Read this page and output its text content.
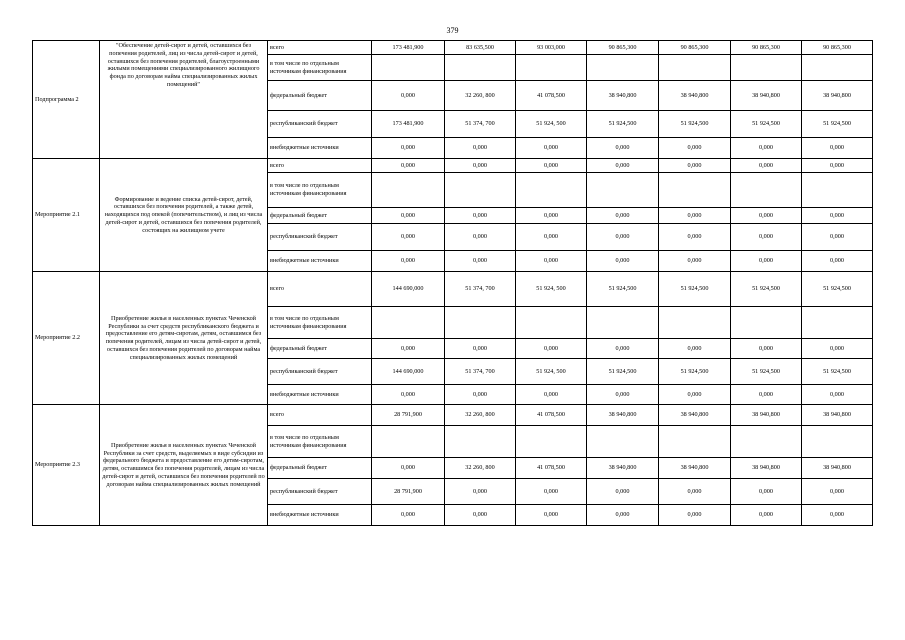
379
Подпрограмма 2	"Обеспечение детей-сирот и детей, оставшихся без попечения родителей, лиц из числа детей-сирот и детей, оставшихся без попечения родителей, благоустроенными жилыми помещениями специализированного жилищного фонда по договорам найма специализированных жилых помещений"	всего	173 481,900	83 635,500	93 003,000	90 865,300	90 865,300	90 865,300	90 865,300
		в том числе по отдельным источникам финансирования							
		федеральный бюджет	0,000	32 260, 800	41 078,500	38 940,800	38 940,800	38 940,800	38 940,800
		республиканский бюджет	173 481,900	51 374, 700	51 924, 500	51 924,500	51 924,500	51 924,500	51 924,500
		внебюджетные источники	0,000	0,000	0,000	0,000	0,000	0,000	0,000
Мероприятие 2.1	Формирование и ведение списка детей-сирот, детей, оставшихся без попечения родителей, а также детей, находящихся под опекой (попечительством), и лиц из числа детей-сирот и детей, оставшихся без попечения родителей, состоящих на жилищном учете	всего	0,000	0,000	0,000	0,000	0,000	0,000	0,000
		в том числе по отдельным источникам финансирования							
		федеральный бюджет	0,000	0,000	0,000	0,000	0,000	0,000	0,000
		республиканский бюджет	0,000	0,000	0,000	0,000	0,000	0,000	0,000
		внебюджетные источники	0,000	0,000	0,000	0,000	0,000	0,000	0,000
Мероприятие 2.2	Приобретение жилья в населенных пунктах Чеченской Республики за счет средств республиканского бюджета и предоставление его детям-сиротам, детям, оставшимся без попечения родителей, лицам из числа детей-сирот и детей, оставшихся без попечения родителей по договорам найма специализированных жилых помещений	всего	144 690,000	51 374, 700	51 924, 500	51 924,500	51 924,500	51 924,500	51 924,500
		в том числе по отдельным источникам финансирования							
		федеральный бюджет	0,000	0,000	0,000	0,000	0,000	0,000	0,000
		республиканский бюджет	144 690,000	51 374, 700	51 924, 500	51 924,500	51 924,500	51 924,500	51 924,500
		внебюджетные источники	0,000	0,000	0,000	0,000	0,000	0,000	0,000
Мероприятие 2.3	Приобретение жилья в населенных пунктах Чеченской Республики за счет средств, выделяемых в виде субсидии из федерального бюджета и предоставление его детям-сиротам, детям, оставшимся без попечения родителей, лицам из числа детей-сирот и детей, оставшихся без попечения родителей по договорам найма специализированных жилых помещений	всего	28 791,900	32 260, 800	41 078,500	38 940,800	38 940,800	38 940,800	38 940,800
		в том числе по отдельным источникам финансирования							
		федеральный бюджет	0,000	32 260, 800	41 078,500	38 940,800	38 940,800	38 940,800	38 940,800
		республиканский бюджет	28 791,900	0,000	0,000	0,000	0,000	0,000	0,000
		внебюджетные источники	0,000	0,000	0,000	0,000	0,000	0,000	0,000
